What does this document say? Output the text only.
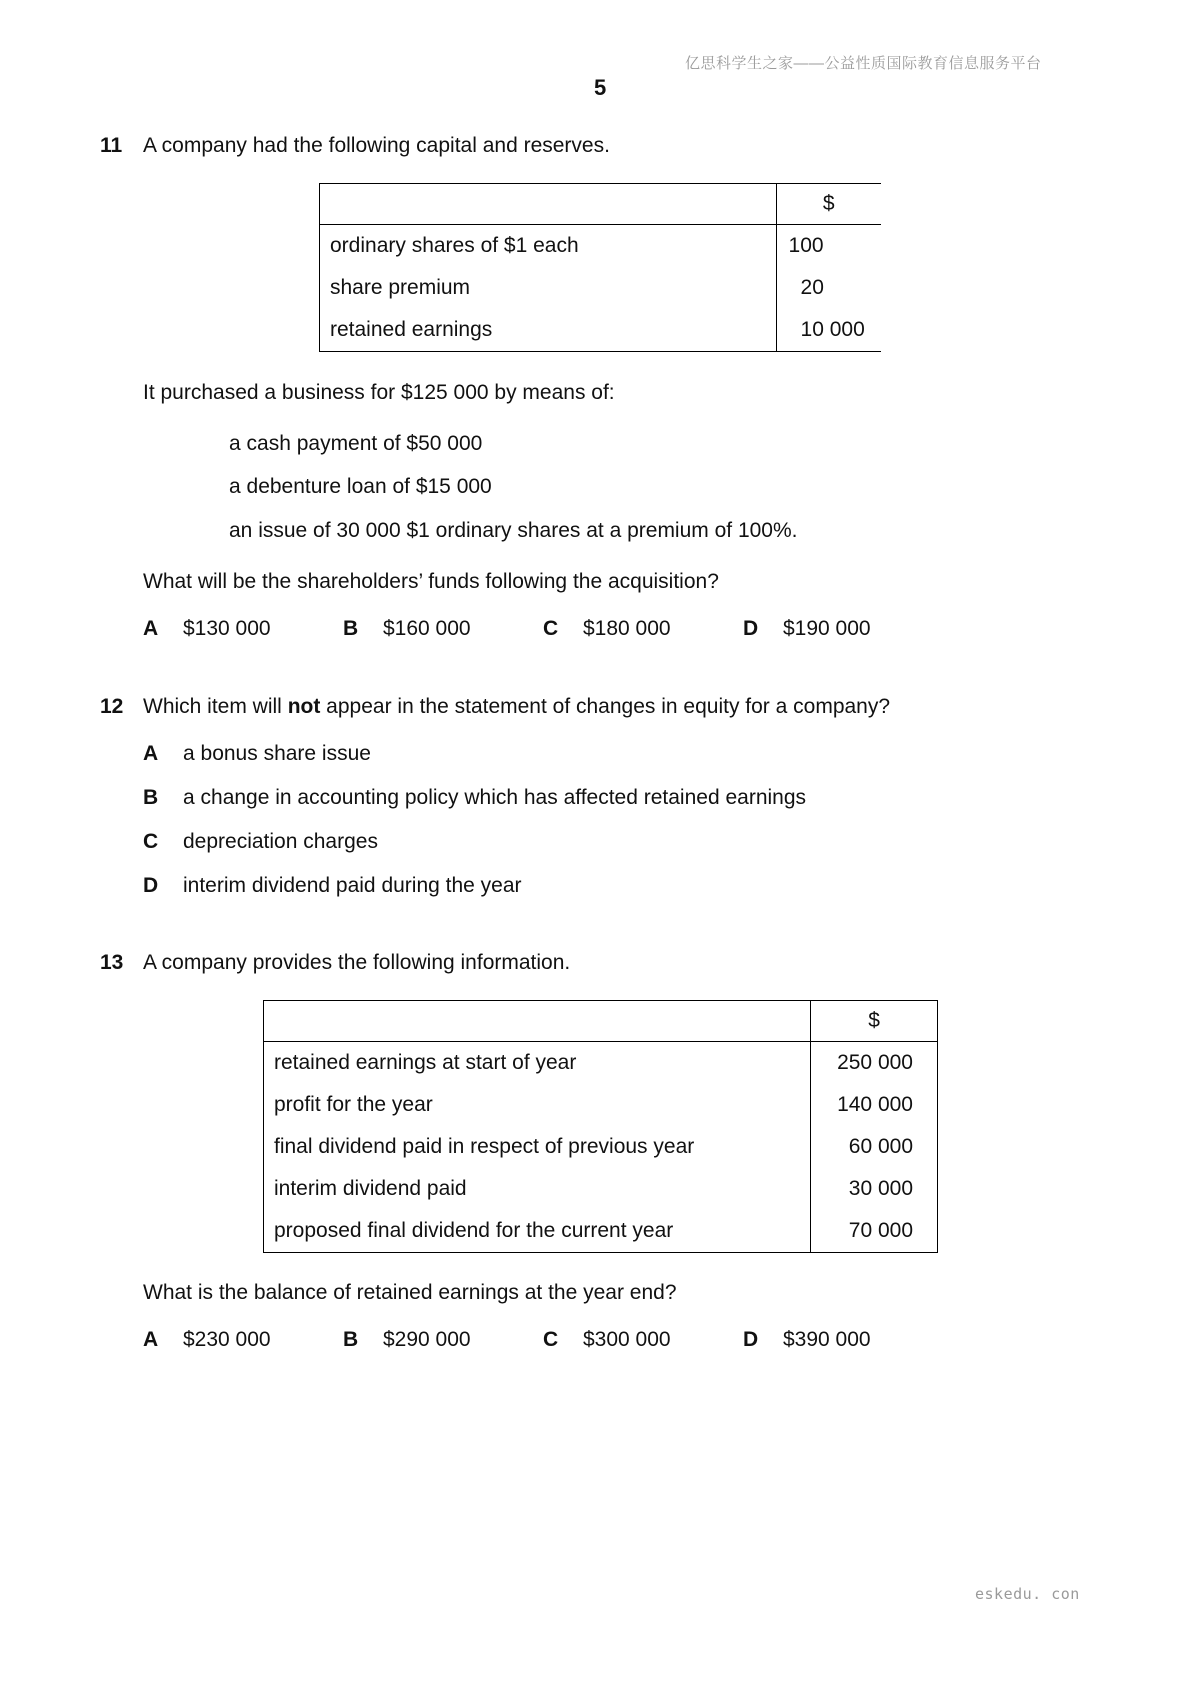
亿思科学生之家——公益性质国际教育信息服务平台
5
11 A company had the following capital and reserves.
	$
ordinary shares of $1 each	100
share premium	20
retained earnings	10 000
It purchased a business for $125 000 by means of:
a cash payment of $50 000
a debenture loan of $15 000
an issue of 30 000 $1 ordinary shares at a premium of 100%.
What will be the shareholders’ funds following the acquisition?
A $130 000	B $160 000	C $180 000	D $190 000
12 Which item will not appear in the statement of changes in equity for a company?
A a bonus share issue
B a change in accounting policy which has affected retained earnings
C depreciation charges
D interim dividend paid during the year
13 A company provides the following information.
	$
retained earnings at start of year	250 000
profit for the year	140 000
final dividend paid in respect of previous year	60 000
interim dividend paid	30 000
proposed final dividend for the current year	70 000
What is the balance of retained earnings at the year end?
A $230 000	B $290 000	C $300 000	D $390 000
eskedu. con
